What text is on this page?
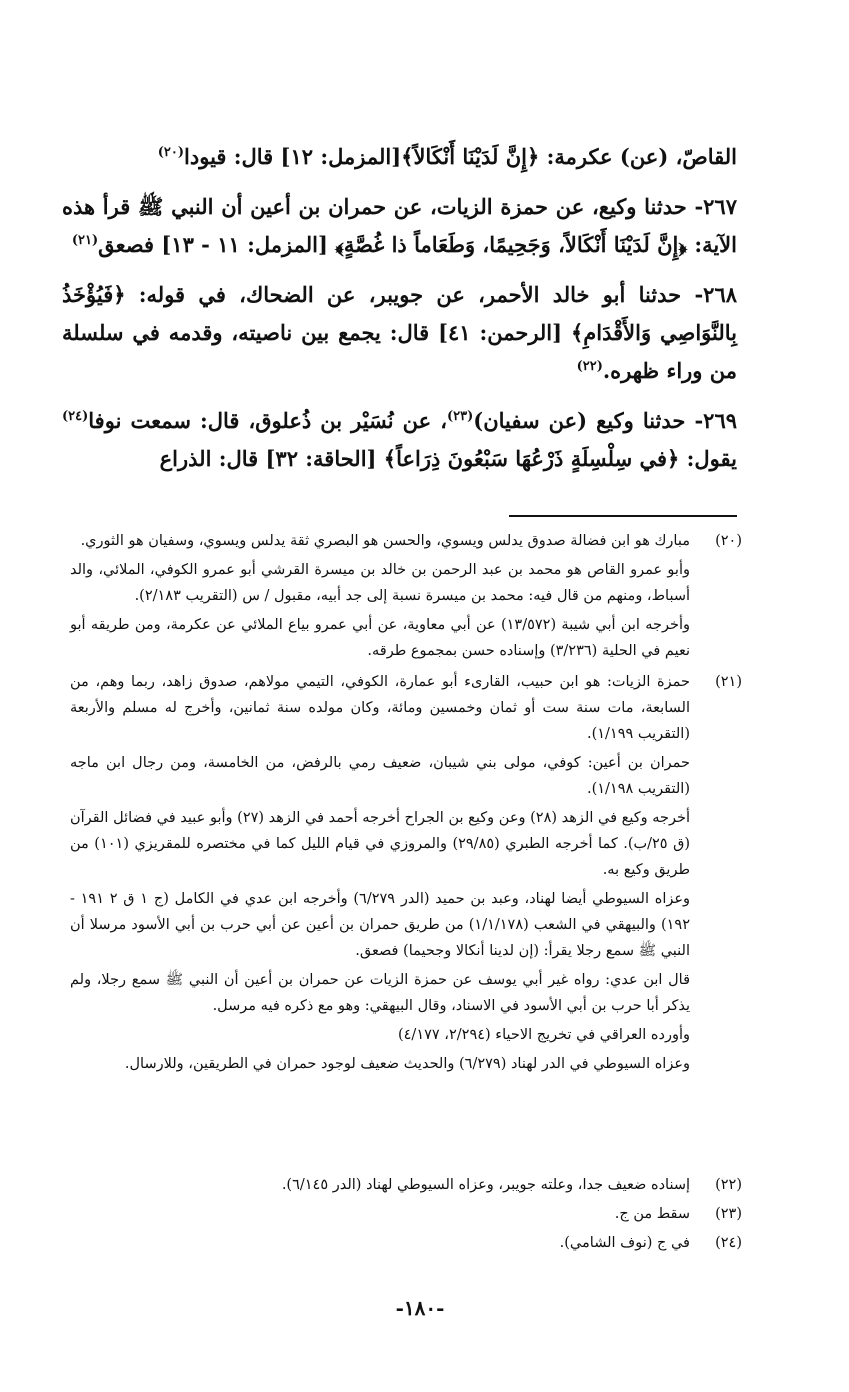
القاصّ، (عن) عكرمة: ﴿إِنَّ لَدَيْنَا أَنْكَالاً﴾[المزمل: ١٢] قال: قيودا$^{(٢٠)}$

٢٦٧- حدثنا وكيع، عن حمزة الزيات، عن حمران بن أعين أن النبي ﷺ قرأ هذه الآية: ﴿إِنَّ لَدَيْنَا أَنْكَالاً، وَجَحِيمًا، وَطَعَاماً ذا غُصَّةٍ﴾ [المزمل: ١١ - ١٣] فصعق$^{(٢١)}$

٢٦٨- حدثنا أبو خالد الأحمر، عن جويبر، عن الضحاك، في قوله: ﴿فَيُؤْخَذُ بِالنَّوَاصِي وَالأَقْدَامِ﴾ [الرحمن: ٤١] قال: يجمع بين ناصيته، وقدمه في سلسلة من وراء ظهره.$^{(٢٢)}$

٢٦٩- حدثنا وكيع (عن سفيان)$^{(٢٣)}$، عن نُسَيْر بن ذُعلوق، قال: سمعت نوفا$^{(٢٤)}$ يقول: ﴿في سِلْسِلَةٍ ذَرْعُهَا سَبْعُونَ ذِرَاعاً﴾ [الحاقة: ٣٢] قال: الذراع

(٢٠)

مبارك هو ابن فضالة صدوق يدلس ويسوي، والحسن هو البصري ثقة يدلس ويسوي، وسفيان هو الثوري.

وأبو عمرو القاص هو محمد بن عبد الرحمن بن خالد بن ميسرة القرشي أبو عمرو الكوفي، الملائي، والد أسباط، ومنهم من قال فيه: محمد بن ميسرة نسبة إلى جد أبيه، مقبول / س (التقريب ٢/١٨٣).

وأخرجه ابن أبي شيبة (١٣/٥٧٢) عن أبي معاوية، عن أبي عمرو بياع الملائي عن عكرمة، ومن طريقه أبو نعيم في الحلية (٣/٢٣٦) وإسناده حسن بمجموع طرقه.

(٢١)

حمزة الزيات: هو ابن حبيب، القارىء أبو عمارة، الكوفي، التيمي مولاهم، صدوق زاهد، ربما وهم، من السابعة، مات سنة ست أو ثمان وخمسين ومائة، وكان مولده سنة ثمانين، وأخرج له مسلم والأربعة (التقريب ١/١٩٩).

حمران بن أعين: كوفي، مولى بني شيبان، ضعيف رمي بالرفض، من الخامسة، ومن رجال ابن ماجه (التقريب ١/١٩٨).

أخرجه وكيع في الزهد (٢٨) وعن وكيع بن الجراح أخرجه أحمد في الزهد (٢٧) وأبو عبيد في فضائل القرآن (ق ٢٥/ب). كما أخرجه الطبري (٢٩/٨٥) والمروزي في قيام الليل كما في مختصره للمقريزي (١٠١) من طريق وكيع به.

وعزاه السيوطي أيضا لهناد، وعبد بن حميد (الدر ٦/٢٧٩) وأخرجه ابن عدي في الكامل (ج ١ ق ٢ ١٩١ - ١٩٢) والبيهقي في الشعب (١/١/١٧٨) من طريق حمران بن أعين عن أبي حرب بن أبي الأسود مرسلا أن النبي ﷺ سمع رجلا يقرأ: (إن لدينا أنكالا وجحيما) فصعق.

قال ابن عدي: رواه غير أبي يوسف عن حمزة الزيات عن حمران بن أعين أن النبي ﷺ سمع رجلا، ولم يذكر أبا حرب بن أبي الأسود في الاسناد، وقال البيهقي: وهو مع ذكره فيه مرسل.

وأورده العراقي في تخريج الاحياء (٢/٢٩٤، ٤/١٧٧)

وعزاه السيوطي في الدر لهناد (٦/٢٧٩) والحديث ضعيف لوجود حمران في الطريقين، وللارسال.

(٢٢)
إسناده ضعيف جدا، وعلته جويبر، وعزاه السيوطي لهناد (الدر ٦/١٤٥).
(٢٣)
سقط من ج.
(٢٤)
في ج (نوف الشامي).
-١٨٠-
